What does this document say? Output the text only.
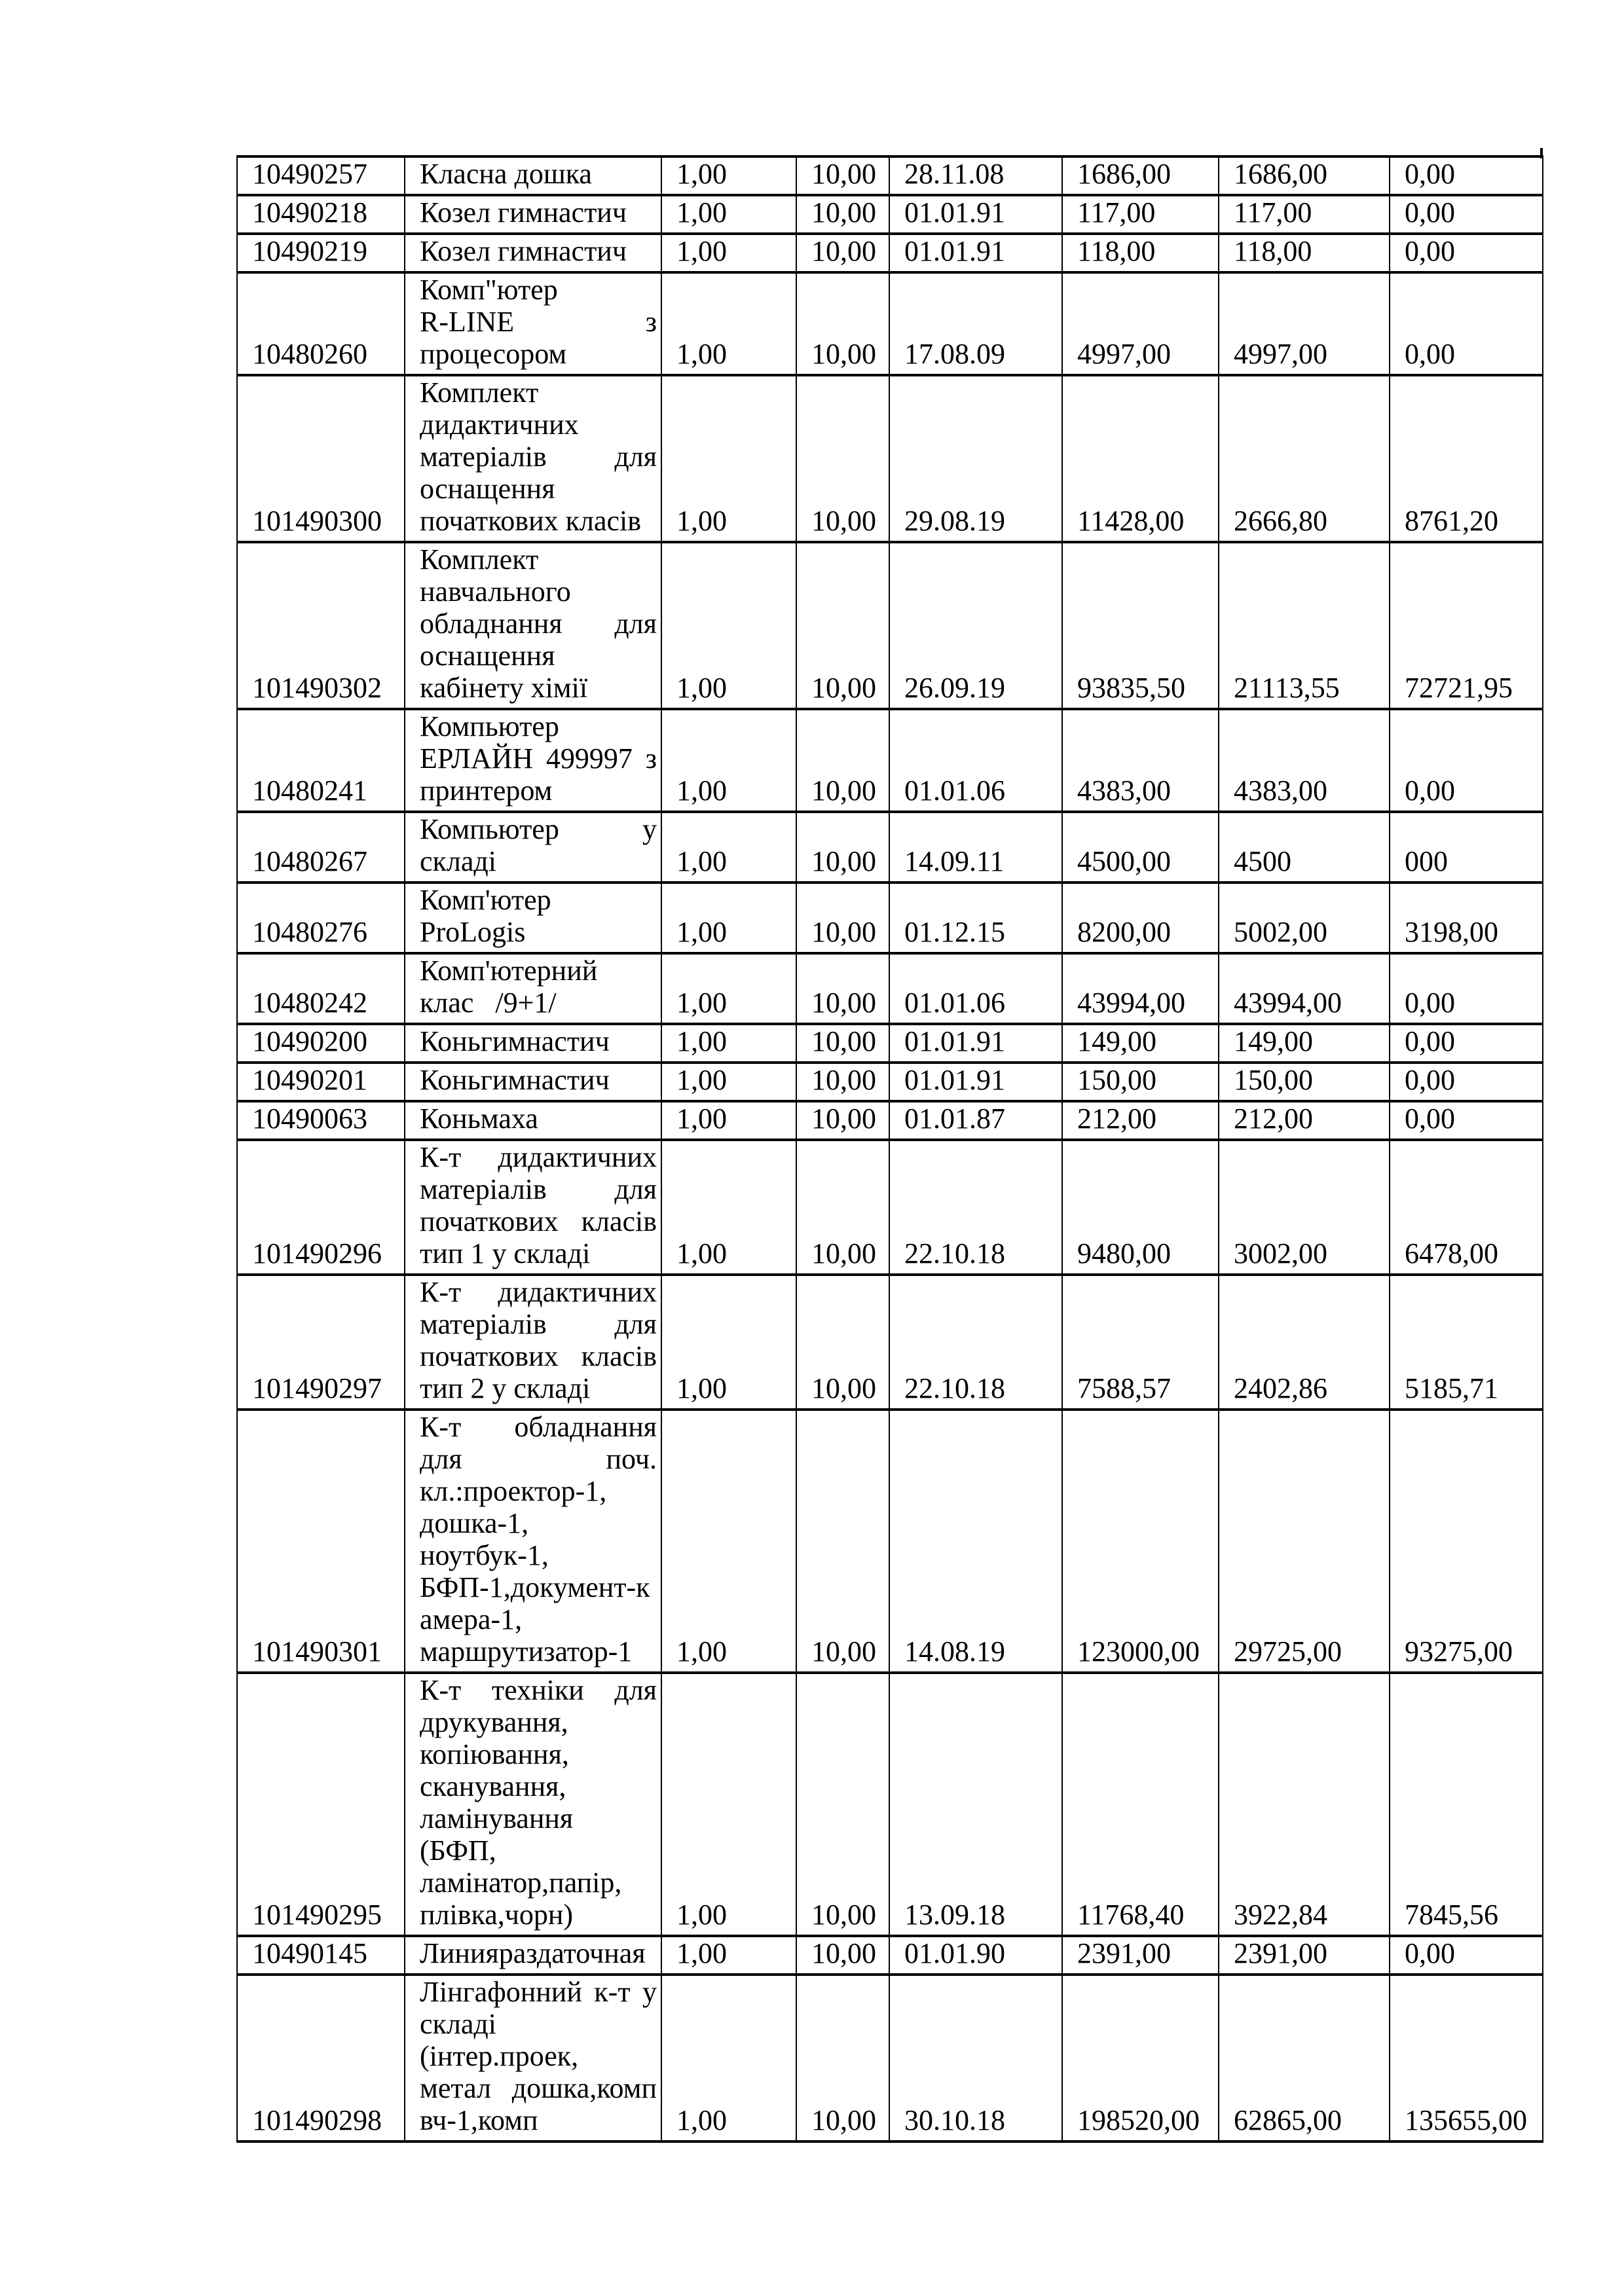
10490257	Класна дошка	1,00	10,00	28.11.08	1686,00	1686,00	0,00
10490218	Козел гимнастич	1,00	10,00	01.01.91	117,00	117,00	0,00
10490219	Козел гимнастич	1,00	10,00	01.01.91	118,00	118,00	0,00
10480260	Комп"ютер
R-LINE з
процесором	1,00	10,00	17.08.09	4997,00	4997,00	0,00
101490300	Комплект
дидактичних
матеріалів для
оснащення
початкових класів	1,00	10,00	29.08.19	11428,00	2666,80	8761,20
101490302	Комплект
навчального
обладнання для
оснащення
кабінету хімії	1,00	10,00	26.09.19	93835,50	21113,55	72721,95
10480241	Компьютер
ЕРЛАЙН 499997 з
принтером	1,00	10,00	01.01.06	4383,00	4383,00	0,00
10480267	Компьютер у
складі	1,00	10,00	14.09.11	4500,00	4500	000
10480276	Комп'ютер
ProLogis	1,00	10,00	01.12.15	8200,00	5002,00	3198,00
10480242	Комп'ютерний
клас   /9+1/	1,00	10,00	01.01.06	43994,00	43994,00	0,00
10490200	Коньгимнастич	1,00	10,00	01.01.91	149,00	149,00	0,00
10490201	Коньгимнастич	1,00	10,00	01.01.91	150,00	150,00	0,00
10490063	Коньмаха	1,00	10,00	01.01.87	212,00	212,00	0,00
101490296	К-т дидактичних
матеріалів для
початкових класів
тип 1 у складі	1,00	10,00	22.10.18	9480,00	3002,00	6478,00
101490297	К-т дидактичних
матеріалів для
початкових класів
тип 2 у складі	1,00	10,00	22.10.18	7588,57	2402,86	5185,71
101490301	
К-т обладнання
для поч.
кл.:проектор-1,
дошка-1,
ноутбук-1,
БФП-1,документ-к
амера-1,
маршрутизатор-1	1,00	10,00	14.08.19	123000,00	29725,00	93275,00
101490295	
К-т техніки для
друкування,
копіювання,
сканування,
ламінування
(БФП,
ламінатор,папір,
плівка,чорн)	1,00	10,00	13.09.18	11768,40	3922,84	7845,56
10490145	Линияраздаточная	1,00	10,00	01.01.90	2391,00	2391,00	0,00
101490298	Лінгафонний к-т у
складі
(інтер.проек,
метал дошка,комп
вч-1,комп	1,00	10,00	30.10.18	198520,00	62865,00	135655,00
